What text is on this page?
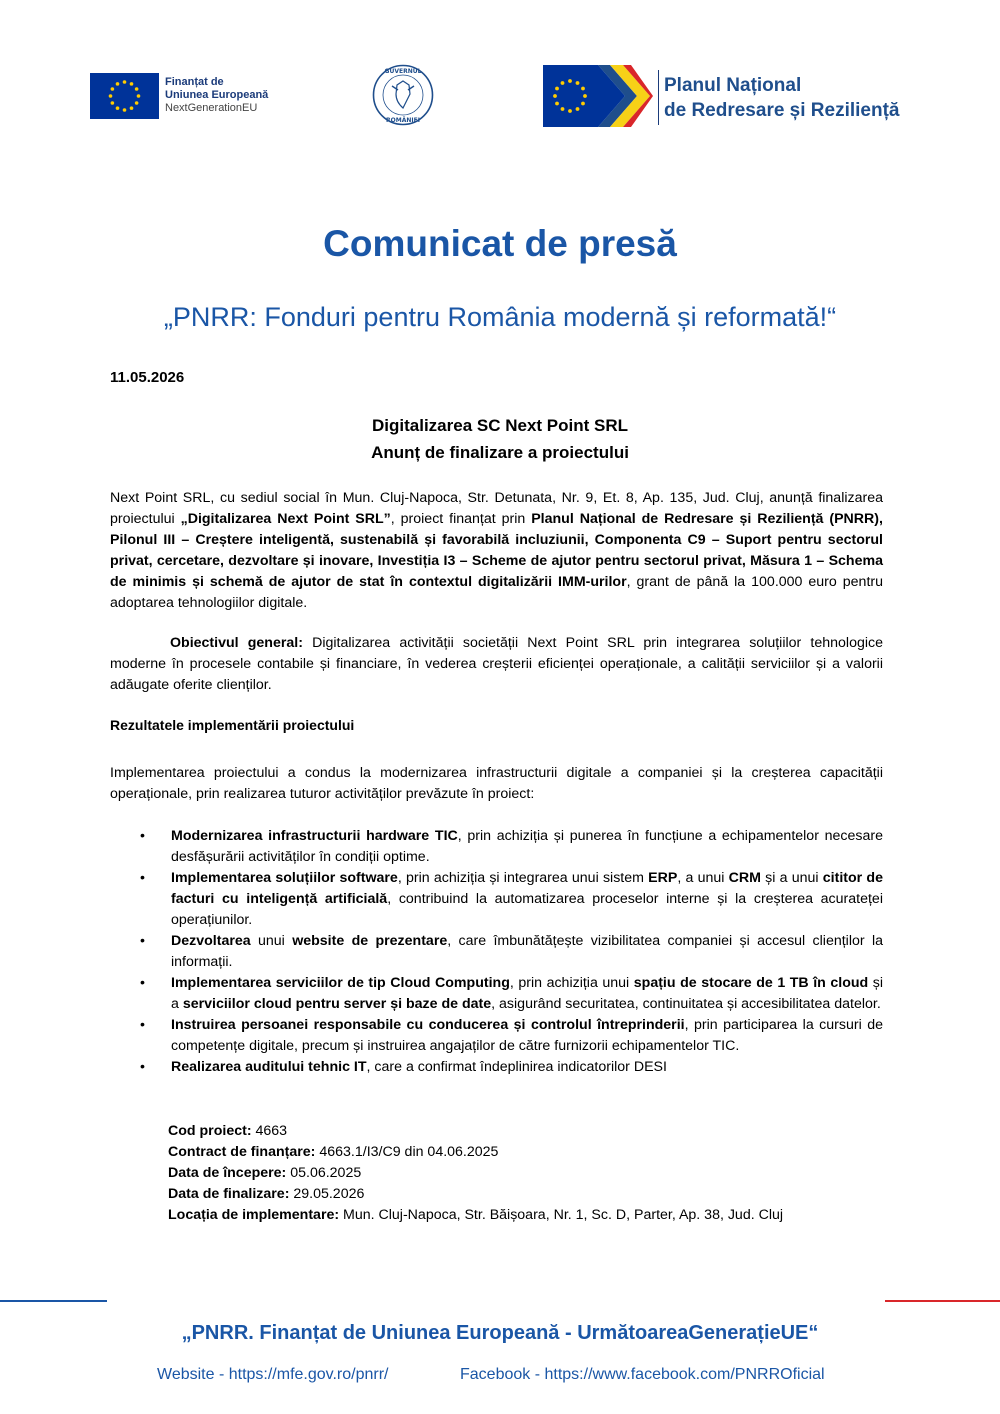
Finanțat de
Uniunea Europeană
NextGenerationEU
GUVERNUL
ROMÂNIEI
Planul Național
de Redresare și Reziliență
Comunicat de presă
„PNRR: Fonduri pentru România modernă și reformată!“
11.05.2026
Digitalizarea SC Next Point SRL
Anunț de finalizare a proiectului
Next Point SRL, cu sediul social în Mun. Cluj-Napoca, Str. Detunata, Nr. 9, Et. 8, Ap. 135, Jud. Cluj, anunță finalizarea proiectului „Digitalizarea Next Point SRL”, proiect finanțat prin Planul Național de Redresare și Reziliență (PNRR), Pilonul III – Creștere inteligentă, sustenabilă și favorabilă incluziunii, Componenta C9 – Suport pentru sectorul privat, cercetare, dezvoltare și inovare, Investiția I3 – Scheme de ajutor pentru sectorul privat, Măsura 1 – Schema de minimis și schemă de ajutor de stat în contextul digitalizării IMM-urilor, grant de până la 100.000 euro pentru adoptarea tehnologiilor digitale.
Obiectivul general: Digitalizarea activității societății Next Point SRL prin integrarea soluțiilor tehnologice moderne în procesele contabile și financiare, în vederea creșterii eficienței operaționale, a calității serviciilor și a valorii adăugate oferite clienților.
Rezultatele implementării proiectului
Implementarea proiectului a condus la modernizarea infrastructurii digitale a companiei și la creșterea capacității operaționale, prin realizarea tuturor activităților prevăzute în proiect:
• Modernizarea infrastructurii hardware TIC, prin achiziția și punerea în funcțiune a echipamentelor necesare desfășurării activităților în condiții optime.
• Implementarea soluțiilor software, prin achiziția și integrarea unui sistem ERP, a unui CRM și a unui cititor de facturi cu inteligență artificială, contribuind la automatizarea proceselor interne și la creșterea acurateței operațiunilor.
• Dezvoltarea unui website de prezentare, care îmbunătățește vizibilitatea companiei și accesul clienților la informații.
• Implementarea serviciilor de tip Cloud Computing, prin achiziția unui spațiu de stocare de 1 TB în cloud și a serviciilor cloud pentru server și baze de date, asigurând securitatea, continuitatea și accesibilitatea datelor.
• Instruirea persoanei responsabile cu conducerea și controlul întreprinderii, prin participarea la cursuri de competențe digitale, precum și instruirea angajaților de către furnizorii echipamentelor TIC.
• Realizarea auditului tehnic IT, care a confirmat îndeplinirea indicatorilor DESI
Cod proiect: 4663
Contract de finanțare: 4663.1/I3/C9 din 04.06.2025
Data de începere: 05.06.2025
Data de finalizare: 29.05.2026
Locația de implementare: Mun. Cluj-Napoca, Str. Băișoara, Nr. 1, Sc. D, Parter, Ap. 38, Jud. Cluj
„PNRR. Finanțat de Uniunea Europeană - UrmătoareaGenerațieUE“
Website - https://mfe.gov.ro/pnrr/	Facebook - https://www.facebook.com/PNRROficial
